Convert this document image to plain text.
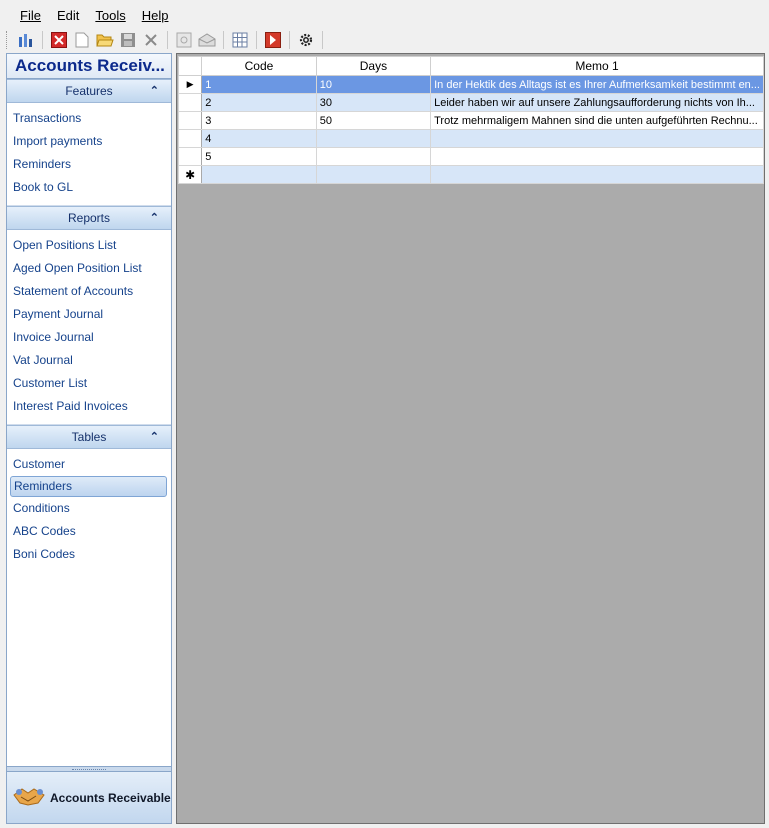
File	Edit	Tools	Help
Accounts Receiv...
Features	⌃
Transactions
Import payments
Reminders
Book to GL
Reports	⌃
Open Positions List
Aged Open Position List
Statement of Accounts
Payment Journal
Invoice Journal
Vat Journal
Customer List
Interest Paid Invoices
Tables	⌃
Customer
Reminders
Conditions
ABC Codes
Boni Codes
Accounts Receivable
	Code	Days	Memo 1
▶	1	10	In der Hektik des Alltags ist es Ihrer Aufmerksamkeit bestimmt en...
	2	30	Leider haben wir auf unsere Zahlungsaufforderung nichts von Ih...
	3	50	Trotz mehrmaligem Mahnen sind die unten aufgeführten Rechnu...
	4		
	5		
✱			
